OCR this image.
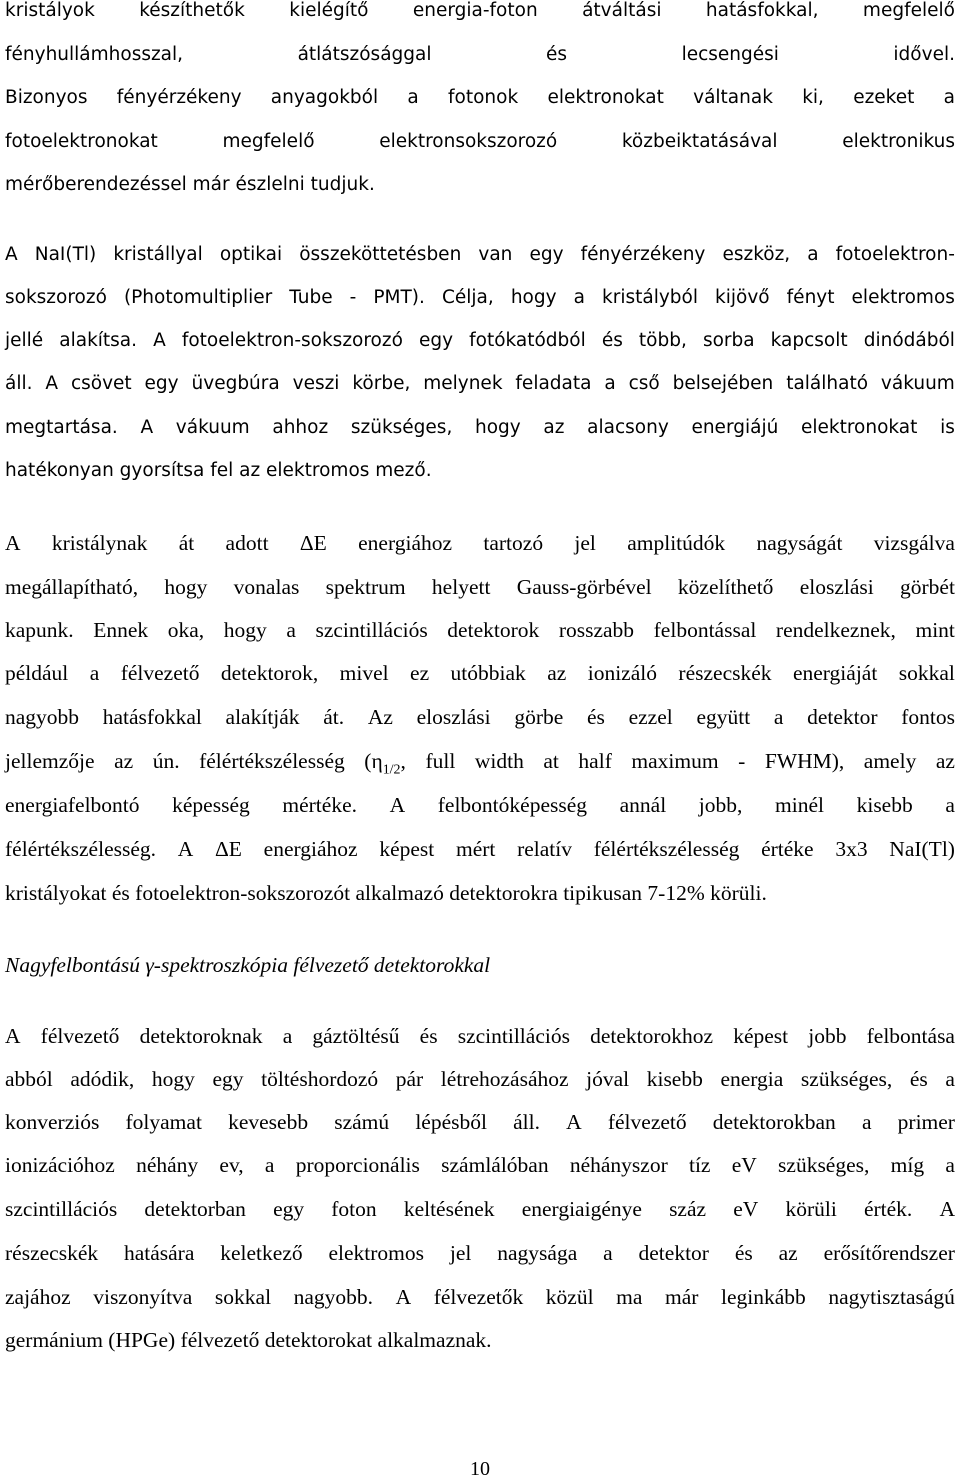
kristályok készíthetők kielégítő energia-foton átváltási hatásfokkal, megfelelő
fényhullámhosszal,	átlátszósággal	és	lecsengési	idővel.
Bizonyos fényérzékeny anyagokból a fotonok elektronokat váltanak ki, ezeket a
fotoelektronokat	megfelelő	elektronsokszorozó	közbeiktatásával	elektronikus
mérőberendezéssel már észlelni tudjuk.
A NaI(Tl) kristállyal optikai összeköttetésben van egy fényérzékeny eszköz, a fotoelektron-
sokszorozó (Photomultiplier Tube - PMT). Célja, hogy a kristályból kijövő fényt elektromos
jellé alakítsa. A fotoelektron-sokszorozó egy fotókatódból és több, sorba kapcsolt dinódából
áll. A csövet egy üvegbúra veszi körbe, melynek feladata a cső belsejében található vákuum
megtartása. A vákuum ahhoz szükséges, hogy az alacsony energiájú elektronokat is
hatékonyan gyorsítsa fel az elektromos mező.
A kristálynak át adott ΔE energiához tartozó jel amplitúdók nagyságát vizsgálva
megállapítható, hogy vonalas spektrum helyett Gauss-görbével közelíthető eloszlási görbét
kapunk. Ennek oka, hogy a szcintillációs detektorok rosszabb felbontással rendelkeznek, mint
például a félvezető detektorok, mivel ez utóbbiak az ionizáló részecskék energiáját sokkal
nagyobb hatásfokkal alakítják át. Az eloszlási görbe és ezzel együtt a detektor fontos
jellemzője az ún. félértékszélesség ($\eta_{1/2}$, full width at half maximum - FWHM), amely az
energiafelbontó képesség mértéke. A felbontóképesség annál jobb, minél kisebb a
félértékszélesség. A ΔE energiához képest mért relatív félértékszélesség értéke 3x3 NaI(Tl)
kristályokat és fotoelektron-sokszorozót alkalmazó detektorokra tipikusan 7-12% körüli.
Nagyfelbontású γ-spektroszkópia félvezető detektorokkal
A félvezető detektoroknak a gáztöltésű és szcintillációs detektorokhoz képest jobb felbontása
abból adódik, hogy egy töltéshordozó pár létrehozásához jóval kisebb energia szükséges, és a
konverziós folyamat kevesebb számú lépésből áll. A félvezető detektorokban a primer
ionizációhoz néhány ev, a proporcionális számlálóban néhányszor tíz eV szükséges, míg a
szcintillációs detektorban egy foton keltésének energiaigénye száz eV körüli érték. A
részecskék hatására keletkező elektromos jel nagysága a detektor és az erősítőrendszer
zajához viszonyítva sokkal nagyobb. A félvezetők közül ma már leginkább nagytisztaságú
germánium (HPGe) félvezető detektorokat alkalmaznak.
10
